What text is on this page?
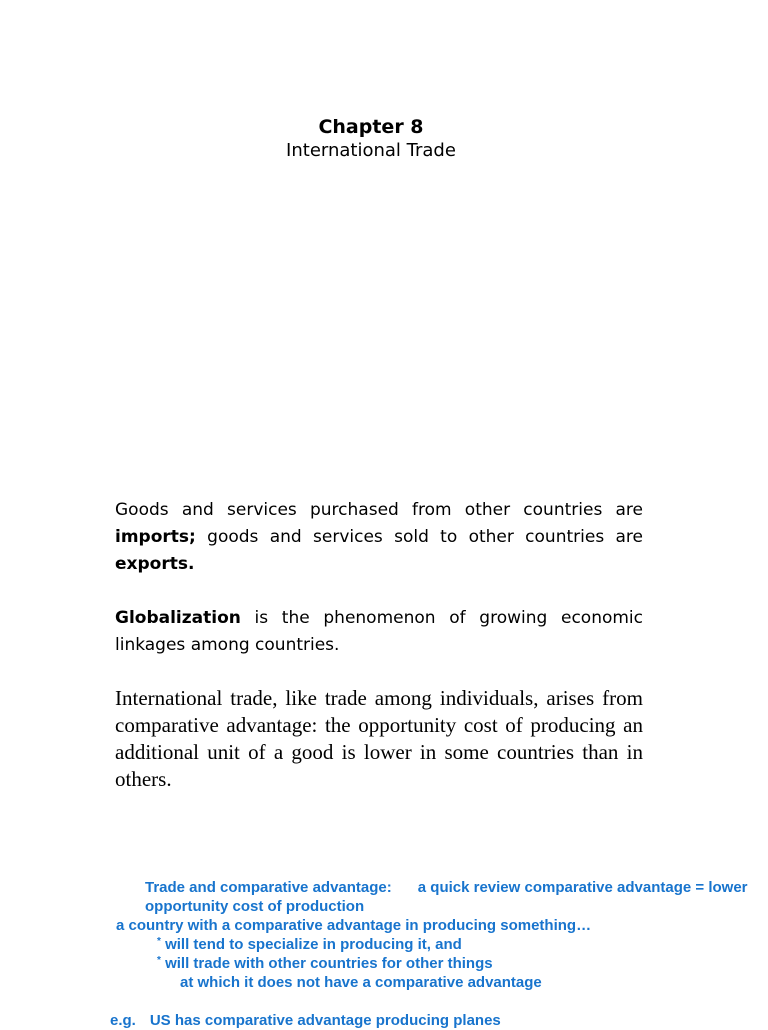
Chapter 8
International Trade

Goods and services purchased from other countries are imports; goods and services sold to other countries are exports.

Globalization is the phenomenon of growing economic linkages among countries.

International trade, like trade among individuals, arises from comparative advantage: the opportunity cost of producing an additional unit of a good is lower in some countries than in others.

Trade and comparative advantage: a quick review comparative advantage = lower
opportunity cost of production
a country with a comparative advantage in producing something…
* will tend to specialize in producing it, and
* will trade with other countries for other things
at which it does not have a comparative advantage
e.g. US has comparative advantage producing planes
